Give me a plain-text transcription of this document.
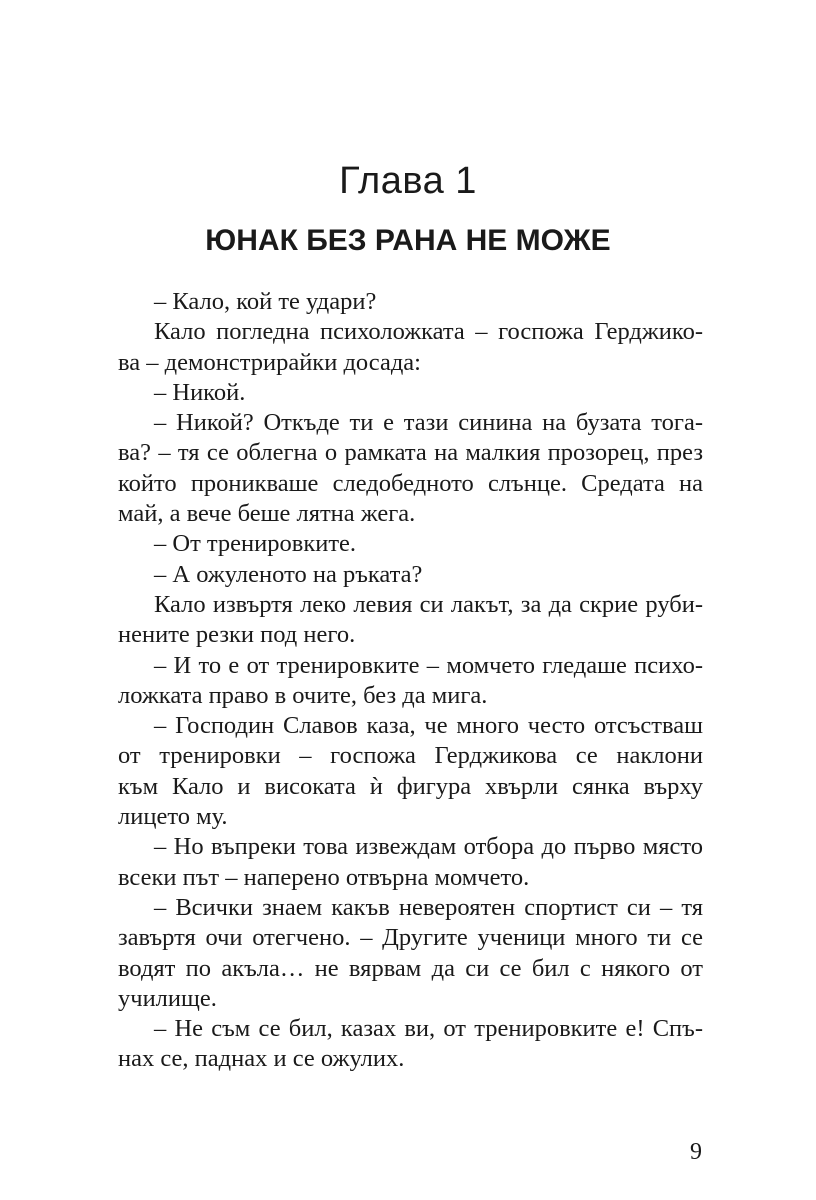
Глава 1
ЮНАК БЕЗ РАНА НЕ МОЖЕ
– Кало, кой те удари?
Кало погледна психоложката – госпожа Герджико-
ва – демонстрирайки досада:
– Никой.
– Никой? Откъде ти е тази синина на бузата тога-
ва? – тя се облегна о рамката на малкия прозорец, през
който проникваше следобедното слънце. Средата на
май, а вече беше лятна жега.
– От тренировките.
– А ожуленото на ръката?
Кало извъртя леко левия си лакът, за да скрие руби-
нените резки под него.
– И то е от тренировките – момчето гледаше психо-
ложката право в очите, без да мига.
– Господин Славов каза, че много често отсъстваш
от тренировки – госпожа Герджикова се наклони
към Кало и високата ѝ фигура хвърли сянка върху
лицето му.
– Но въпреки това извеждам отбора до първо място
всеки път – наперено отвърна момчето.
– Всички знаем какъв невероятен спортист си – тя
завъртя очи отегчено. – Другите ученици много ти се
водят по акъла… не вярвам да си се бил с някого от
училище.
– Не съм се бил, казах ви, от тренировките е! Спъ-
нах се, паднах и се ожулих.
9
